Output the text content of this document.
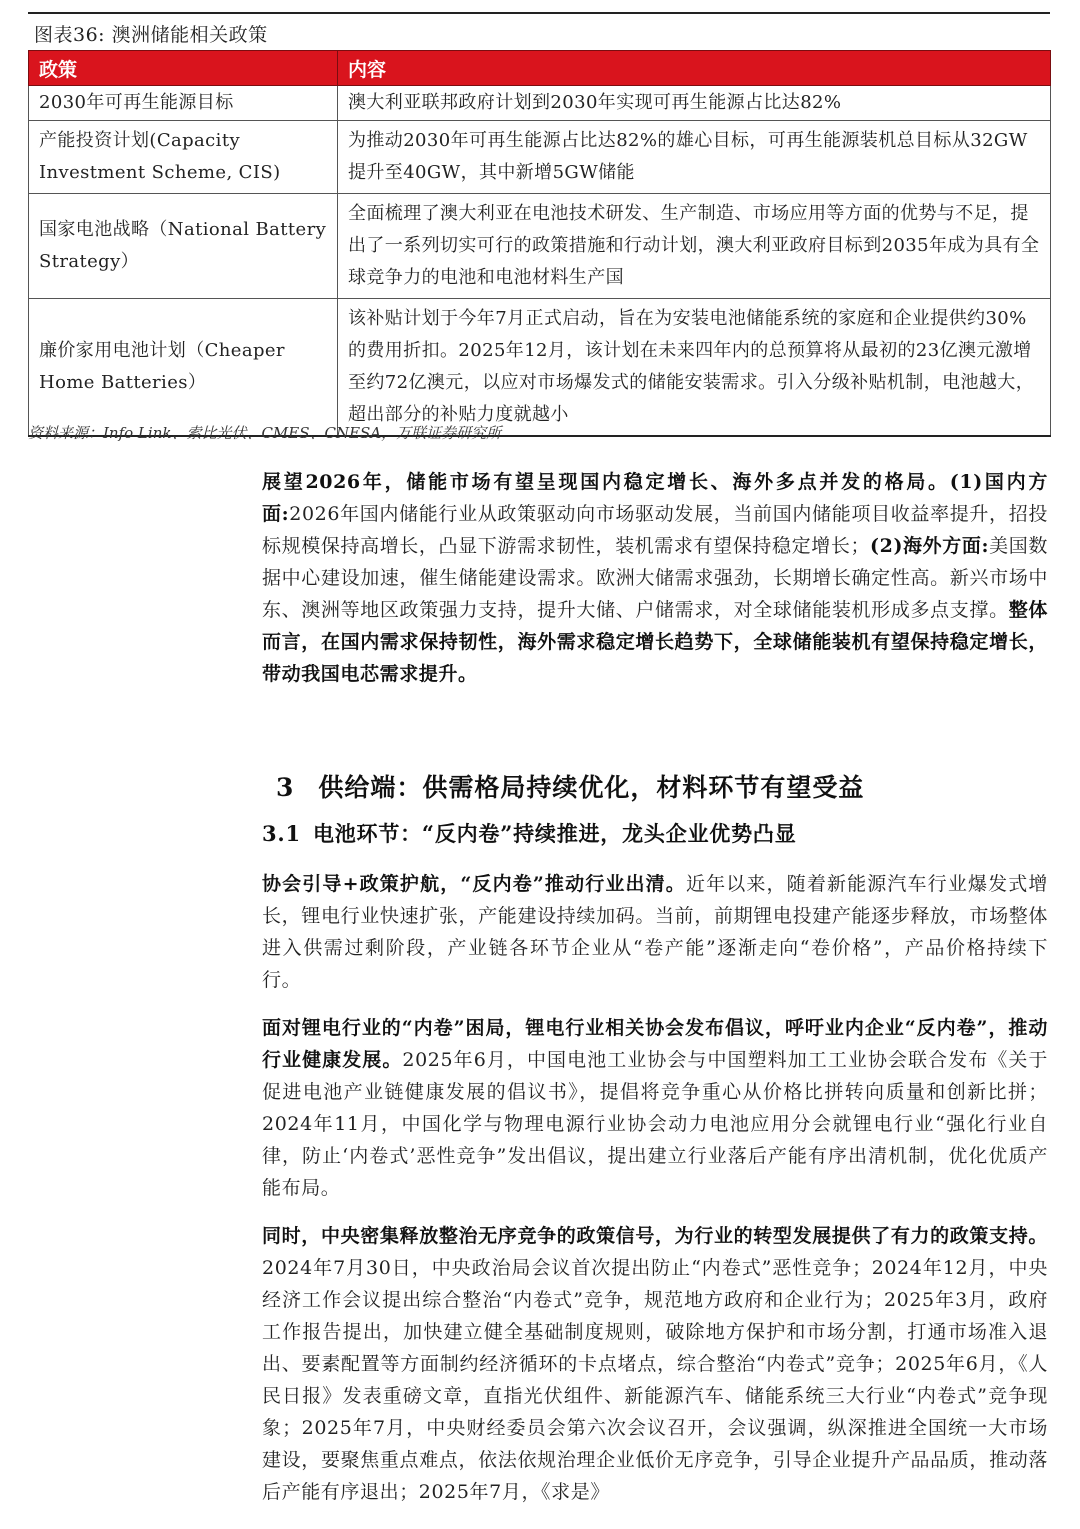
图表36: 澳洲储能相关政策
政策	内容
2030年可再生能源目标	澳大利亚联邦政府计划到2030年实现可再生能源占比达82%
产能投资计划(Capacity Investment Scheme, CIS)	为推动2030年可再生能源占比达82%的雄心目标，可再生能源装机总目标从32GW提升至40GW，其中新增5GW储能
国家电池战略（National Battery Strategy）	全面梳理了澳大利亚在电池技术研发、生产制造、市场应用等方面的优势与不足，提出了一系列切实可行的政策措施和行动计划，澳大利亚政府目标到2035年成为具有全球竞争力的电池和电池材料生产国
廉价家用电池计划（Cheaper Home Batteries）	该补贴计划于今年7月正式启动，旨在为安装电池储能系统的家庭和企业提供约30%的费用折扣。2025年12月，该计划在未来四年内的总预算将从最初的23亿澳元激增至约72亿澳元，以应对市场爆发式的储能安装需求。引入分级补贴机制，电池越大，超出部分的补贴力度就越小
资料来源：Info Link、索比光伏、CMES、CNESA，万联证券研究所

展望2026年，储能市场有望呈现国内稳定增长、海外多点并发的格局。(1)国内方面:2026年国内储能行业从政策驱动向市场驱动发展，当前国内储能项目收益率提升，招投标规模保持高增长，凸显下游需求韧性，装机需求有望保持稳定增长；(2)海外方面:美国数据中心建设加速，催生储能建设需求。欧洲大储需求强劲，长期增长确定性高。新兴市场中东、澳洲等地区政策强力支持，提升大储、户储需求，对全球储能装机形成多点支撑。整体而言，在国内需求保持韧性，海外需求稳定增长趋势下，全球储能装机有望保持稳定增长，带动我国电芯需求提升。

3 供给端：供需格局持续优化，材料环节有望受益
3.1 电池环节：“反内卷”持续推进，龙头企业优势凸显

协会引导+政策护航，“反内卷”推动行业出清。近年以来，随着新能源汽车行业爆发式增长，锂电行业快速扩张，产能建设持续加码。当前，前期锂电投建产能逐步释放，市场整体进入供需过剩阶段，产业链各环节企业从“卷产能”逐渐走向“卷价格”，产品价格持续下行。

面对锂电行业的“内卷”困局，锂电行业相关协会发布倡议，呼吁业内企业“反内卷”，推动行业健康发展。2025年6月，中国电池工业协会与中国塑料加工工业协会联合发布《关于促进电池产业链健康发展的倡议书》，提倡将竞争重心从价格比拼转向质量和创新比拼；2024年11月，中国化学与物理电源行业协会动力电池应用分会就锂电行业“强化行业自律，防止‘内卷式’恶性竞争”发出倡议，提出建立行业落后产能有序出清机制，优化优质产能布局。

同时，中央密集释放整治无序竞争的政策信号，为行业的转型发展提供了有力的政策支持。2024年7月30日，中央政治局会议首次提出防止“内卷式”恶性竞争；2024年12月，中央经济工作会议提出综合整治“内卷式”竞争，规范地方政府和企业行为；2025年3月，政府工作报告提出，加快建立健全基础制度规则，破除地方保护和市场分割，打通市场准入退出、要素配置等方面制约经济循环的卡点堵点，综合整治“内卷式”竞争；2025年6月，《人民日报》发表重磅文章，直指光伏组件、新能源汽车、储能系统三大行业“内卷式”竞争现象；2025年7月，中央财经委员会第六次会议召开，会议强调，纵深推进全国统一大市场建设，要聚焦重点难点，依法依规治理企业低价无序竞争，引导企业提升产品品质，推动落后产能有序退出；2025年7月，《求是》
